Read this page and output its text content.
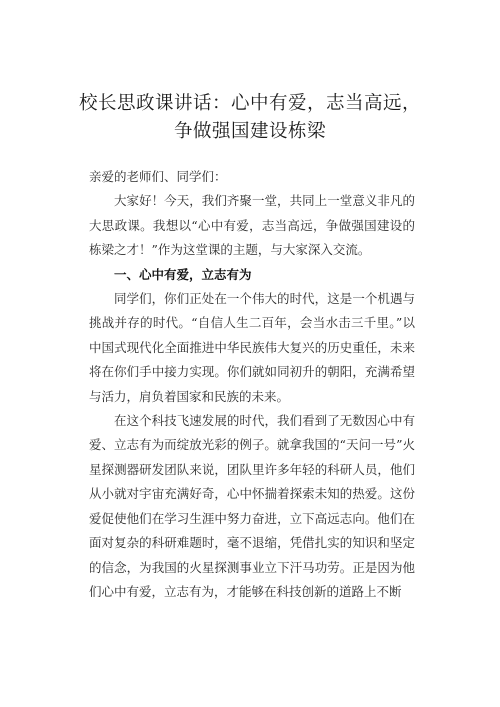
校长思政课讲话：心中有爱，志当高远，争做强国建设栋梁

亲爱的老师们、同学们：

大家好！今天，我们齐聚一堂，共同上一堂意义非凡的大思政课。我想以“心中有爱，志当高远，争做强国建设的栋梁之才！”作为这堂课的主题，与大家深入交流。

一、心中有爱，立志有为

同学们，你们正处在一个伟大的时代，这是一个机遇与挑战并存的时代。“自信人生二百年，会当水击三千里。”以中国式现代化全面推进中华民族伟大复兴的历史重任，未来将在你们手中接力实现。你们就如同初升的朝阳，充满希望与活力，肩负着国家和民族的未来。

在这个科技飞速发展的时代，我们看到了无数因心中有爱、立志有为而绽放光彩的例子。就拿我国的“天问一号”火星探测器研发团队来说，团队里许多年轻的科研人员，他们从小就对宇宙充满好奇，心中怀揣着探索未知的热爱。这份爱促使他们在学习生涯中努力奋进，立下高远志向。他们在面对复杂的科研难题时，毫不退缩，凭借扎实的知识和坚定的信念，为我国的火星探测事业立下汗马功劳。正是因为他们心中有爱，立志有为，才能够在科技创新的道路上不断
